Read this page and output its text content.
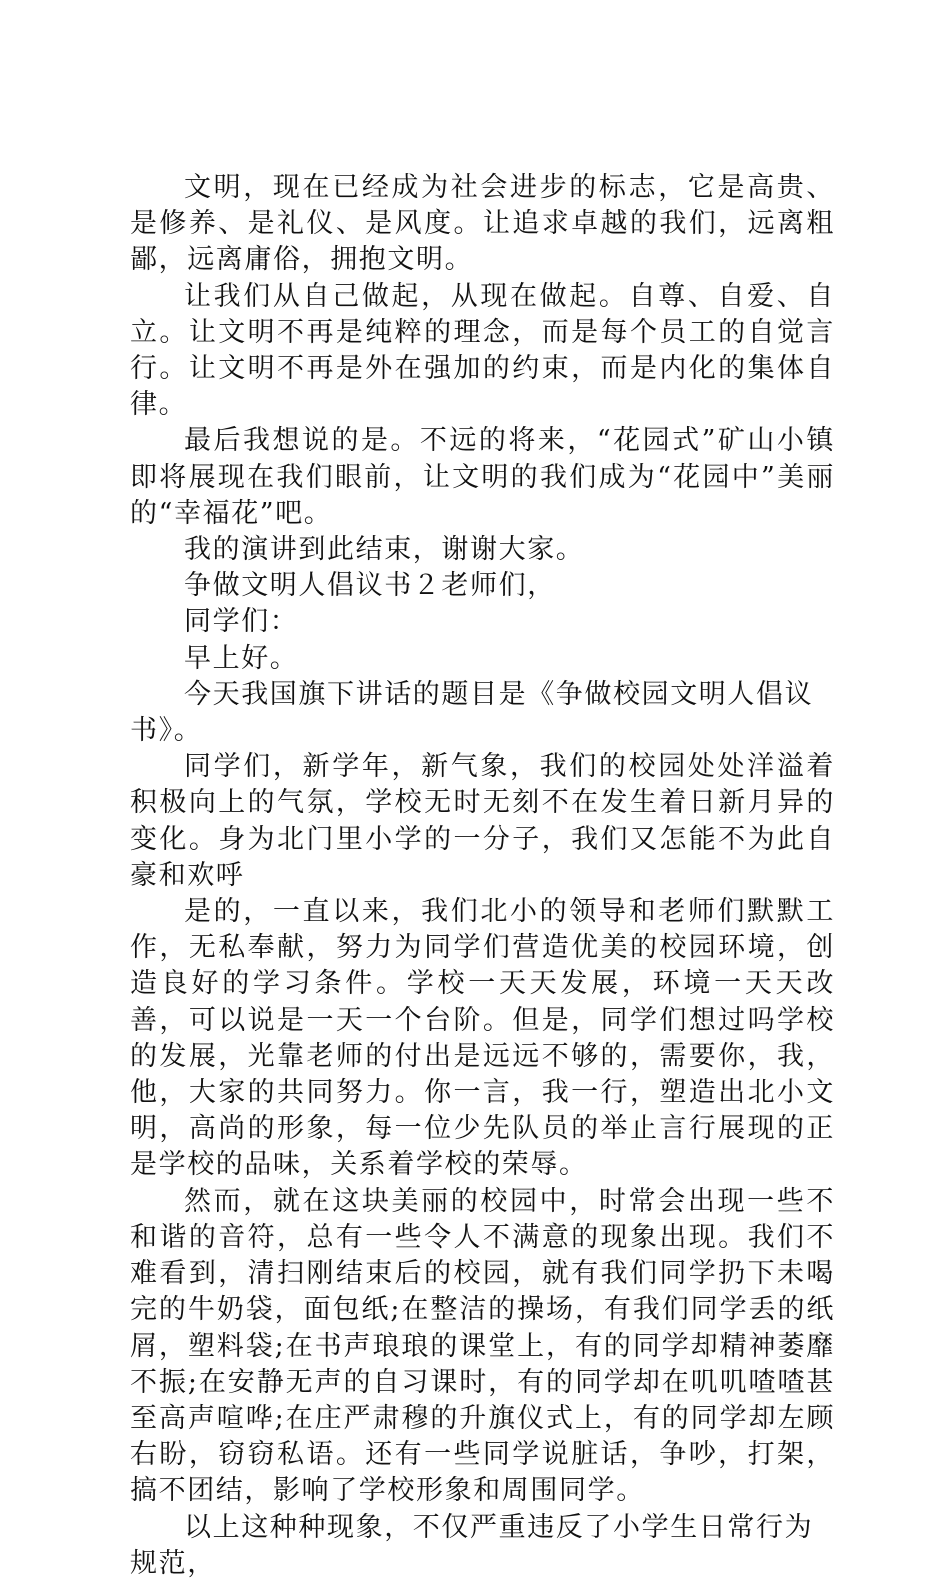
文明，现在已经成为社会进步的标志，它是高贵、是修养、是礼仪、是风度。让追求卓越的我们，远离粗鄙，远离庸俗，拥抱文明。

让我们从自己做起，从现在做起。自尊、自爱、自立。让文明不再是纯粹的理念，而是每个员工的自觉言行。让文明不再是外在强加的约束，而是内化的集体自律。

最后我想说的是。不远的将来，“花园式”矿山小镇即将展现在我们眼前，让文明的我们成为“花园中”美丽的“幸福花”吧。

我的演讲到此结束，谢谢大家。

争做文明人倡议书２老师们，

同学们：

早上好。

今天我国旗下讲话的题目是《争做校园文明人倡议书》。

同学们，新学年，新气象，我们的校园处处洋溢着积极向上的气氛，学校无时无刻不在发生着日新月异的变化。身为北门里小学的一分子，我们又怎能不为此自豪和欢呼

是的，一直以来，我们北小的领导和老师们默默工作，无私奉献，努力为同学们营造优美的校园环境，创造良好的学习条件。学校一天天发展，环境一天天改善，可以说是一天一个台阶。但是，同学们想过吗学校的发展，光靠老师的付出是远远不够的，需要你，我，他，大家的共同努力。你一言，我一行，塑造出北小文明，高尚的形象，每一位少先队员的举止言行展现的正是学校的品味，关系着学校的荣辱。

然而，就在这块美丽的校园中，时常会出现一些不和谐的音符，总有一些令人不满意的现象出现。我们不难看到，清扫刚结束后的校园，就有我们同学扔下未喝完的牛奶袋，面包纸;在整洁的操场，有我们同学丢的纸屑，塑料袋;在书声琅琅的课堂上，有的同学却精神萎靡不振;在安静无声的自习课时，有的同学却在叽叽喳喳甚至高声喧哗;在庄严肃穆的升旗仪式上，有的同学却左顾右盼，窃窃私语。还有一些同学说脏话，争吵，打架，搞不团结，影响了学校形象和周围同学。

以上这种种现象，不仅严重违反了小学生日常行为规范，
